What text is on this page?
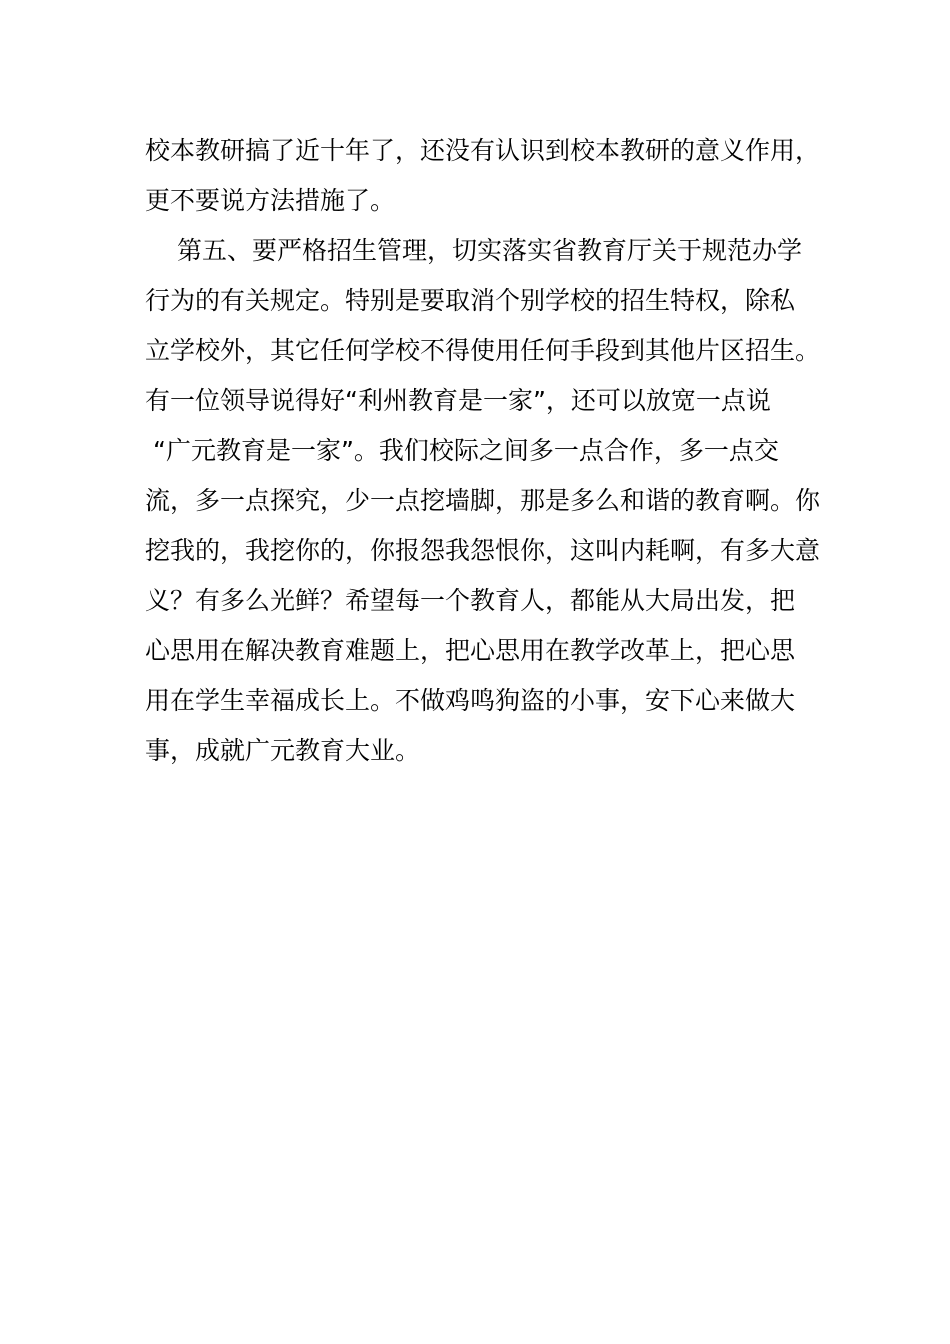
校本教研搞了近十年了，还没有认识到校本教研的意义作用，
更不要说方法措施了。
第五、要严格招生管理，切实落实省教育厅关于规范办学
行为的有关规定。特别是要取消个别学校的招生特权，除私
立学校外，其它任何学校不得使用任何手段到其他片区招生。
有一位领导说得好“利州教育是一家”，还可以放宽一点说
“广元教育是一家”。我们校际之间多一点合作，多一点交
流，多一点探究，少一点挖墙脚，那是多么和谐的教育啊。你
挖我的，我挖你的，你报怨我怨恨你，这叫内耗啊，有多大意
义？有多么光鲜？希望每一个教育人，都能从大局出发，把
心思用在解决教育难题上，把心思用在教学改革上，把心思
用在学生幸福成长上。不做鸡鸣狗盗的小事，安下心来做大
事，成就广元教育大业。
